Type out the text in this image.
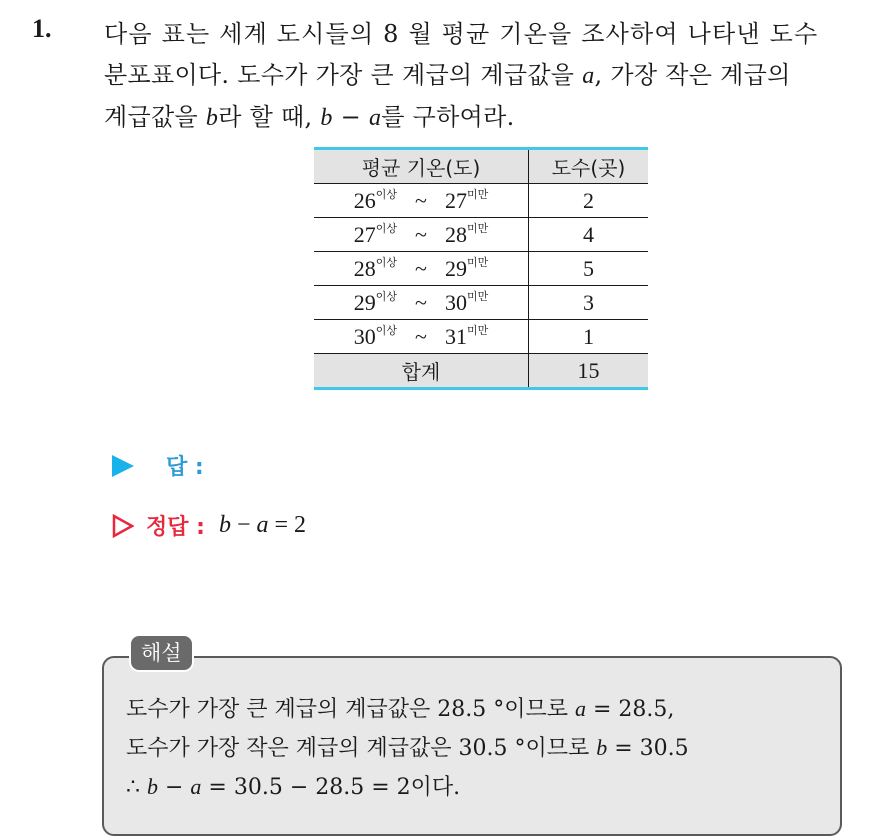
1. 다음 표는 세계 도시들의 8 월 평균 기온을 조사하여 나타낸 도수
분포표이다. 도수가 가장 큰 계급의 계급값을 a, 가장 작은 계급의
계급값을 b라 할 때, b − a를 구하여라.
평균 기온(도)	도수(곳)
$26^{이상}$ ~ $27^{미만}$	2
$27^{이상}$ ~ $28^{미만}$	4
$28^{이상}$ ~ $29^{미만}$	5
$29^{이상}$ ~ $30^{미만}$	3
$30^{이상}$ ~ $31^{미만}$	1
합계	15
답 :
정답 : b − a = 2
해설
도수가 가장 큰 계급의 계급값은 28.5 °이므로 a = 28.5,
도수가 가장 작은 계급의 계급값은 30.5 °이므로 b = 30.5
∴ b − a = 30.5 − 28.5 = 2이다.
